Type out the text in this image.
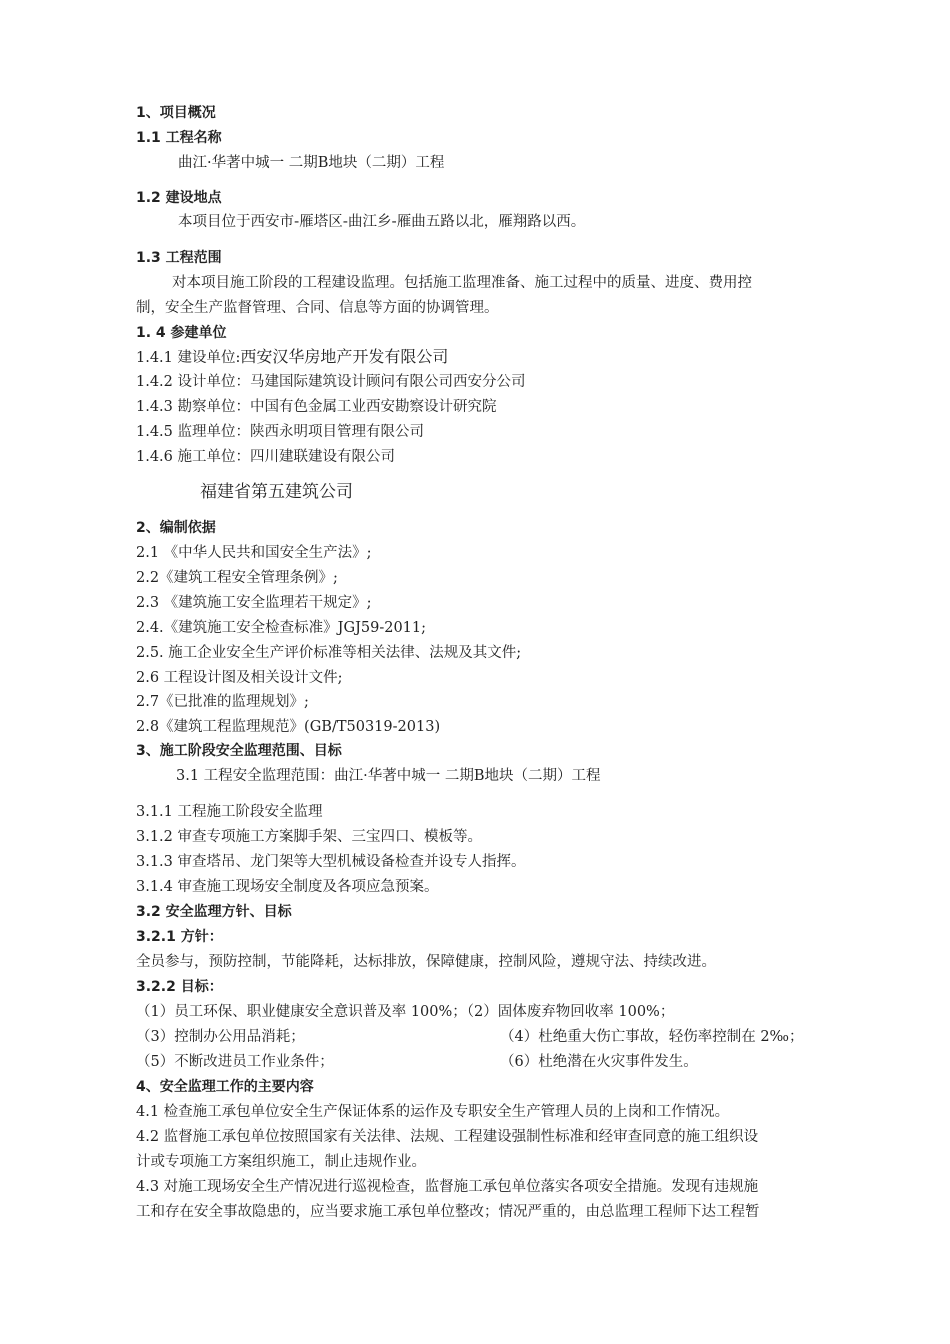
1、项目概况
1.1 工程名称
曲江·华著中城一 二期B地块（二期）工程
1.2 建设地点
本项目位于西安市-雁塔区-曲江乡-雁曲五路以北，雁翔路以西。
1.3 工程范围
对本项目施工阶段的工程建设监理。包括施工监理准备、施工过程中的质量、进度、费用控
制，安全生产监督管理、合同、信息等方面的协调管理。
1. 4 参建单位
1.4.1 建设单位:西安汉华房地产开发有限公司
1.4.2 设计单位：马建国际建筑设计顾问有限公司西安分公司
1.4.3 勘察单位：中国有色金属工业西安勘察设计研究院
1.4.5 监理单位：陕西永明项目管理有限公司
1.4.6 施工单位：四川建联建设有限公司
福建省第五建筑公司
2、编制依据
2.1 《中华人民共和国安全生产法》;
2.2《建筑工程安全管理条例》;
2.3 《建筑施工安全监理若干规定》;
2.4.《建筑施工安全检查标准》JGJ59-2011;
2.5. 施工企业安全生产评价标准等相关法律、法规及其文件;
2.6 工程设计图及相关设计文件;
2.7《已批准的监理规划》;
2.8《建筑工程监理规范》(GB/T50319-2013)
3、施工阶段安全监理范围、目标
3.1 工程安全监理范围：曲江·华著中城一 二期B地块（二期）工程
3.1.1 工程施工阶段安全监理
3.1.2 审查专项施工方案脚手架、三宝四口、模板等。
3.1.3 审查塔吊、龙门架等大型机械设备检查并设专人指挥。
3.1.4 审查施工现场安全制度及各项应急预案。
3.2 安全监理方针、目标
3.2.1 方针：
全员参与，预防控制，节能降耗，达标排放，保障健康，控制风险，遵规守法、持续改进。
3.2.2 目标：
（1）员工环保、职业健康安全意识普及率 100%；（2）固体废弃物回收率 100%；
（3）控制办公用品消耗；	（4）杜绝重大伤亡事故，轻伤率控制在 2‰；
（5）不断改进员工作业条件；	（6）杜绝潜在火灾事件发生。
4、安全监理工作的主要内容
4.1 检查施工承包单位安全生产保证体系的运作及专职安全生产管理人员的上岗和工作情况。
4.2 监督施工承包单位按照国家有关法律、法规、工程建设强制性标准和经审查同意的施工组织设
计或专项施工方案组织施工，制止违规作业。
4.3 对施工现场安全生产情况进行巡视检查，监督施工承包单位落实各项安全措施。发现有违规施
工和存在安全事故隐患的，应当要求施工承包单位整改；情况严重的，由总监理工程师下达工程暂
